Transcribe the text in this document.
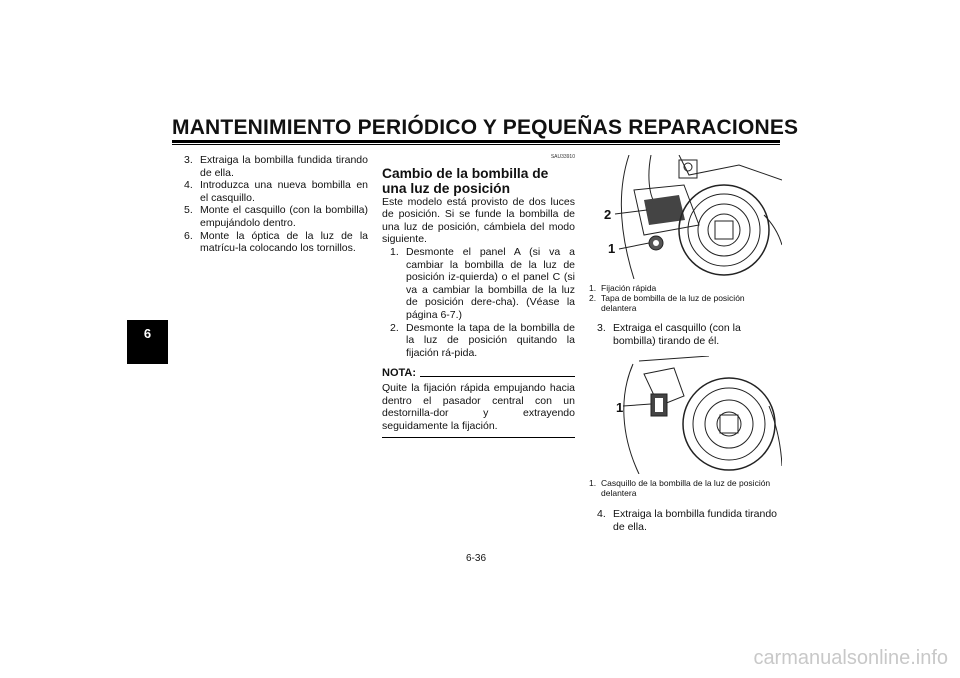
MANTENIMIENTO PERIÓDICO Y PEQUEÑAS REPARACIONES
6
3. Extraiga la bombilla fundida tirando de ella.
4. Introduzca una nueva bombilla en el casquillo.
5. Monte el casquillo (con la bombilla) empujándolo dentro.
6. Monte la óptica de la luz de la matrícu-la colocando los tornillos.
SAU33910
Cambio de la bombilla de una luz de posición
Este modelo está provisto de dos luces de posición. Si se funde la bombilla de una luz de posición, cámbiela del modo siguiente.
1. Desmonte el panel A (si va a cambiar la bombilla de la luz de posición iz-quierda) o el panel C (si va a cambiar la bombilla de la luz de posición dere-cha). (Véase la página 6-7.)
2. Desmonte la tapa de la bombilla de la luz de posición quitando la fijación rá-pida.
NOTA:
Quite la fijación rápida empujando hacia dentro el pasador central con un destornilla-dor y extrayendo seguidamente la fijación.
2
1
1. Fijación rápida
2. Tapa de bombilla de la luz de posición delantera
3. Extraiga el casquillo (con la bombilla) tirando de él.
1
1. Casquillo de la bombilla de la luz de posición delantera
4. Extraiga la bombilla fundida tirando de ella.
6-36
carmanualsonline.info
